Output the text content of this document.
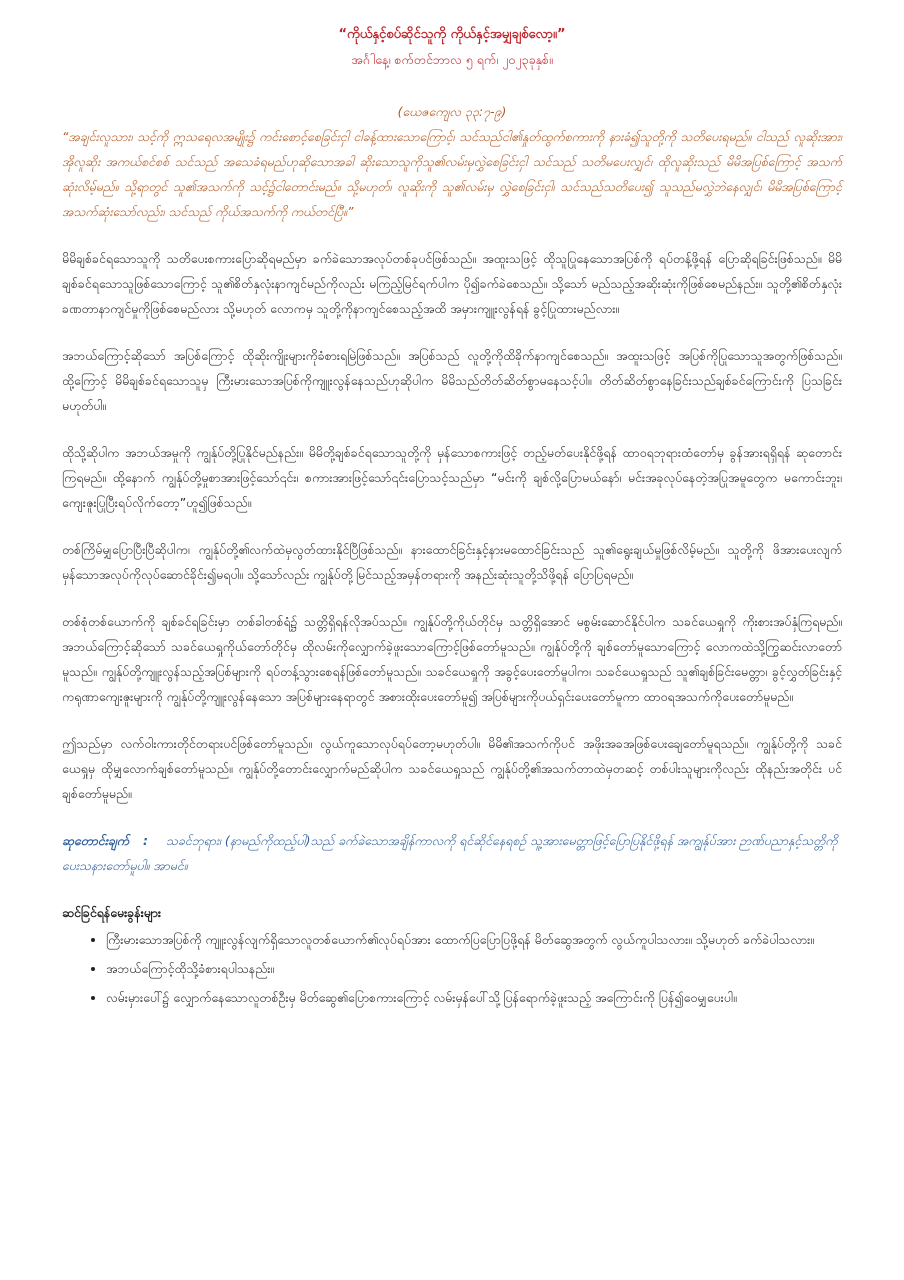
“ကိုယ်နှင့်စပ်ဆိုင်သူကို ကိုယ်နှင့်အမျှချစ်လော့။”

အင်္ဂါနေ့၊ စက်တင်ဘာလ ၅ ရက်၊ ၂၀၂၃ခုနှစ်။

(ယေဇကျေလ ၃၃:၇-၉)

“အချင်းလူသား၊ သင့်ကို ဣသရေလအမျိုး၌ ကင်းစောင့်စေခြင်းငှါ ငါခန့်ထားသောကြောင့်၊ သင်သည်ငါ၏နှုတ်ထွက်စကားကို နားခံ၍သူတို့ကို သတိပေးရမည်။ ငါသည် လူဆိုးအား၊ အိုလူဆိုး အကယ်စင်စစ် သင်သည် အသေခံရမည်ဟုဆိုသောအခါ ဆိုးသောသူကိုသူ၏လမ်းမှလွှဲစေခြင်းငှါ သင်သည် သတိမပေးလျှင်၊ ထိုလူဆိုးသည် မိမိအပြစ်ကြောင့် အသက်ဆုံးလိမ့်မည်။ သို့ရာတွင် သူ၏အသက်ကို သင့်၌ငါတောင်းမည်။ သို့မဟုတ်၊ လူဆိုးကို သူ၏လမ်းမှ လွှဲစေခြင်းငှါ၊ သင်သည်သတိပေး၍ သူသည်မလွှဲဘဲနေလျှင်၊ မိမိအပြစ်ကြောင့် အသက်ဆုံးသော်လည်း၊ သင်သည် ကိုယ်အသက်ကို ကယ်တင်ပြီ။”

မိမိချစ်ခင်ရသောသူကို သတိပေးစကားပြောဆိုရမည်မှာ ခက်ခဲသောအလုပ်တစ်ခုပင်ဖြစ်သည်။ အထူးသဖြင့် ထိုသူပြုနေသောအပြစ်ကို ရပ်တန့်ဖို့ရန် ပြောဆိုရခြင်းဖြစ်သည်။ မိမိချစ်ခင်ရသောသူဖြစ်သောကြောင့် သူ၏စိတ်နှလုံးနာကျင်မည်ကိုလည်း မကြည့်မြင်ရက်ပါက ပို၍ခက်ခဲစေသည်။ သို့သော် မည်သည့်အဆိုးဆုံးကိုဖြစ်စေမည်နည်း။ သူတို့၏စိတ်နှလုံး ခဏတာနာကျင်မှုကိုဖြစ်စေမည်လား သို့မဟုတ် လောကမှ သူတို့ကိုနာကျင်စေသည့်အထိ အမှားကျူးလွန်ရန် ခွင့်ပြုထားမည်လား။

အဘယ်ကြောင့်ဆိုသော် အပြစ်ကြောင့် ထိုဆိုးကျိုးများကိုခံစားရမြဲဖြစ်သည်။ အပြစ်သည် လူတို့ကိုထိခိုက်နာကျင်စေသည်။ အထူးသဖြင့် အပြစ်ကိုပြုသောသူအတွက်ဖြစ်သည်။ ထို့ကြောင့် မိမိချစ်ခင်ရသောသူမှ ကြီးမားသောအပြစ်ကိုကျူးလွန်နေသည်ဟုဆိုပါက မိမိသည်တိတ်ဆိတ်စွာမနေသင့်ပါ။ တိတ်ဆိတ်စွာနေခြင်းသည်ချစ်ခင်ကြောင်းကို ပြသခြင်းမဟုတ်ပါ။

ထိုသို့ဆိုပါက အဘယ်အမှုကို ကျွန်ုပ်တို့ပြုနိုင်မည်နည်း။ မိမိတို့ချစ်ခင်ရသောသူတို့ကို မှန်သောစကားဖြင့် တည့်မတ်ပေးနိုင်ဖို့ရန် ထာဝရဘုရားထံတော်မှ ခွန်အားရရှိရန် ဆုတောင်းကြရမည်။ ထို့နောက် ကျွန်ုပ်တို့မှုစာအားဖြင့်သော်၎င်း၊ စကားအားဖြင့်သော်၎င်းပြောသင့်သည်မှာ “မင်းကို ချစ်လို့ပြောမယ်နော်၊ မင်းအခုလုပ်နေတဲ့အပြုအမူတွေက မကောင်းဘူး၊ ကျေးဇူးပြုပြီးရပ်လိုက်တော့”ဟူ၍ဖြစ်သည်။

တစ်ကြိမ်မျှပြောပြီးပြီဆိုပါက၊ ကျွန်ုပ်တို့၏လက်ထဲမှလွတ်ထားနိုင်ပြီဖြစ်သည်။ နားထောင်ခြင်းနှင့်နားမထောင်ခြင်းသည် သူ၏ရွေးချယ်မှုဖြစ်လိမ့်မည်။ သူတို့ကို ဖိအားပေးလျက် မှန်သောအလုပ်ကိုလုပ်ဆောင်ခိုင်း၍မရပါ။ သို့သော်လည်း ကျွန်ုပ်တို့မြင်သည့်အမှန်တရားကို အနည်းဆုံးသူတို့သိဖို့ရန် ပြောပြရမည်။

တစ်စုံတစ်ယောက်ကို ချစ်ခင်ရခြင်းမှာ တစ်ခါတစ်ရံ၌ သတ္တိရှိရန်လိုအပ်သည်။ ကျွန်ုပ်တို့ကိုယ်တိုင်မှ သတ္တိရှိအောင် မစွမ်းဆောင်နိုင်ပါက သခင်ယေရှုကို ကိုးစားအပ်နှံကြရမည်။ အဘယ်ကြောင့်ဆိုသော် သခင်ယေရှုကိုယ်တော်တိုင်မှ ထိုလမ်းကိုလျှောက်ခဲ့ဖူးသောကြောင့်ဖြစ်တော်မူသည်။ ကျွန်ုပ်တို့ကို ချစ်တော်မူသောကြောင့် လောကထဲသို့ကြွဆင်းလာတော်မူသည်။ ကျွန်ုပ်တို့ကျူးလွန်သည့်အပြစ်များကို ရပ်တန့်သွားစေရန်ဖြစ်တော်မူသည်။ သခင်ယေရှုကို အခွင့်ပေးတော်မူပါက၊ သခင်ယေရှုသည် သူ၏ချစ်ခြင်းမေတ္တာ၊ ခွင့်လွှတ်ခြင်းနှင့်ကရုဏာကျေးဇူးများကို ကျွန်ုပ်တို့ကျူးလွန်နေသော အပြစ်များနေရာတွင် အစားထိုးပေးတော်မူ၍ အပြစ်များကိုပယ်ရှင်းပေးတော်မူကာ ထာဝရအသက်ကိုပေးတော်မူမည်။

ဤသည်မှာ လက်ဝါးကားတိုင်တရားပင်ဖြစ်တော်မူသည်။ လွယ်ကူသောလုပ်ရပ်တော့မဟုတ်ပါ။ မိမိ၏အသက်ကိုပင် အဖိုးအခအဖြစ်ပေးချေတော်မူရသည်။ ကျွန်ုပ်တို့ကို သခင်ယေရှုမှ ထိုမျှလောက်ချစ်တော်မူသည်။ ကျွန်ုပ်တို့တောင်းလျှောက်မည်ဆိုပါက သခင်ယေရှုသည် ကျွန်ုပ်တို့၏အသက်တာထဲမှတဆင့် တစ်ပါးသူများကိုလည်း ထိုနည်းအတိုင်း ပင်ချစ်တော်မူမည်။

ဆုတောင်းချက် : သခင်ဘုရား၊ (နာမည်ကိုထည့်ပါ)သည် ခက်ခဲသောအချိန်ကာလကို ရင်ဆိုင်နေရစဉ် သူ့အားမေတ္တာဖြင့်ပြောပြနိုင်ဖို့ရန် အကျွန်ုပ်အား ဉာဏ်ပညာနှင့်သတ္တိကိုပေးသနားတော်မူပါ။ အာမင်။

ဆင်ခြင်ရန်မေးခွန်းများ

• ကြီးမားသောအပြစ်ကို ကျူးလွန်လျက်ရှိသောလူတစ်ယောက်၏လုပ်ရပ်အား ထောက်ပြပြောပြဖို့ရန် မိတ်ဆွေအတွက် လွယ်ကူပါသလား။ သို့မဟုတ် ခက်ခဲပါသလား။
• အဘယ်ကြောင့်ထိုသို့ခံစားရပါသနည်း။
• လမ်းမှားပေါ်၌ လျှောက်နေသောလူတစ်ဦးမှ မိတ်ဆွေ၏ပြောစကားကြောင့် လမ်းမှန်ပေါ်သို့ပြန်ရောက်ခဲ့ဖူးသည့် အကြောင်းကို ပြန်၍ဝေမျှပေးပါ။
